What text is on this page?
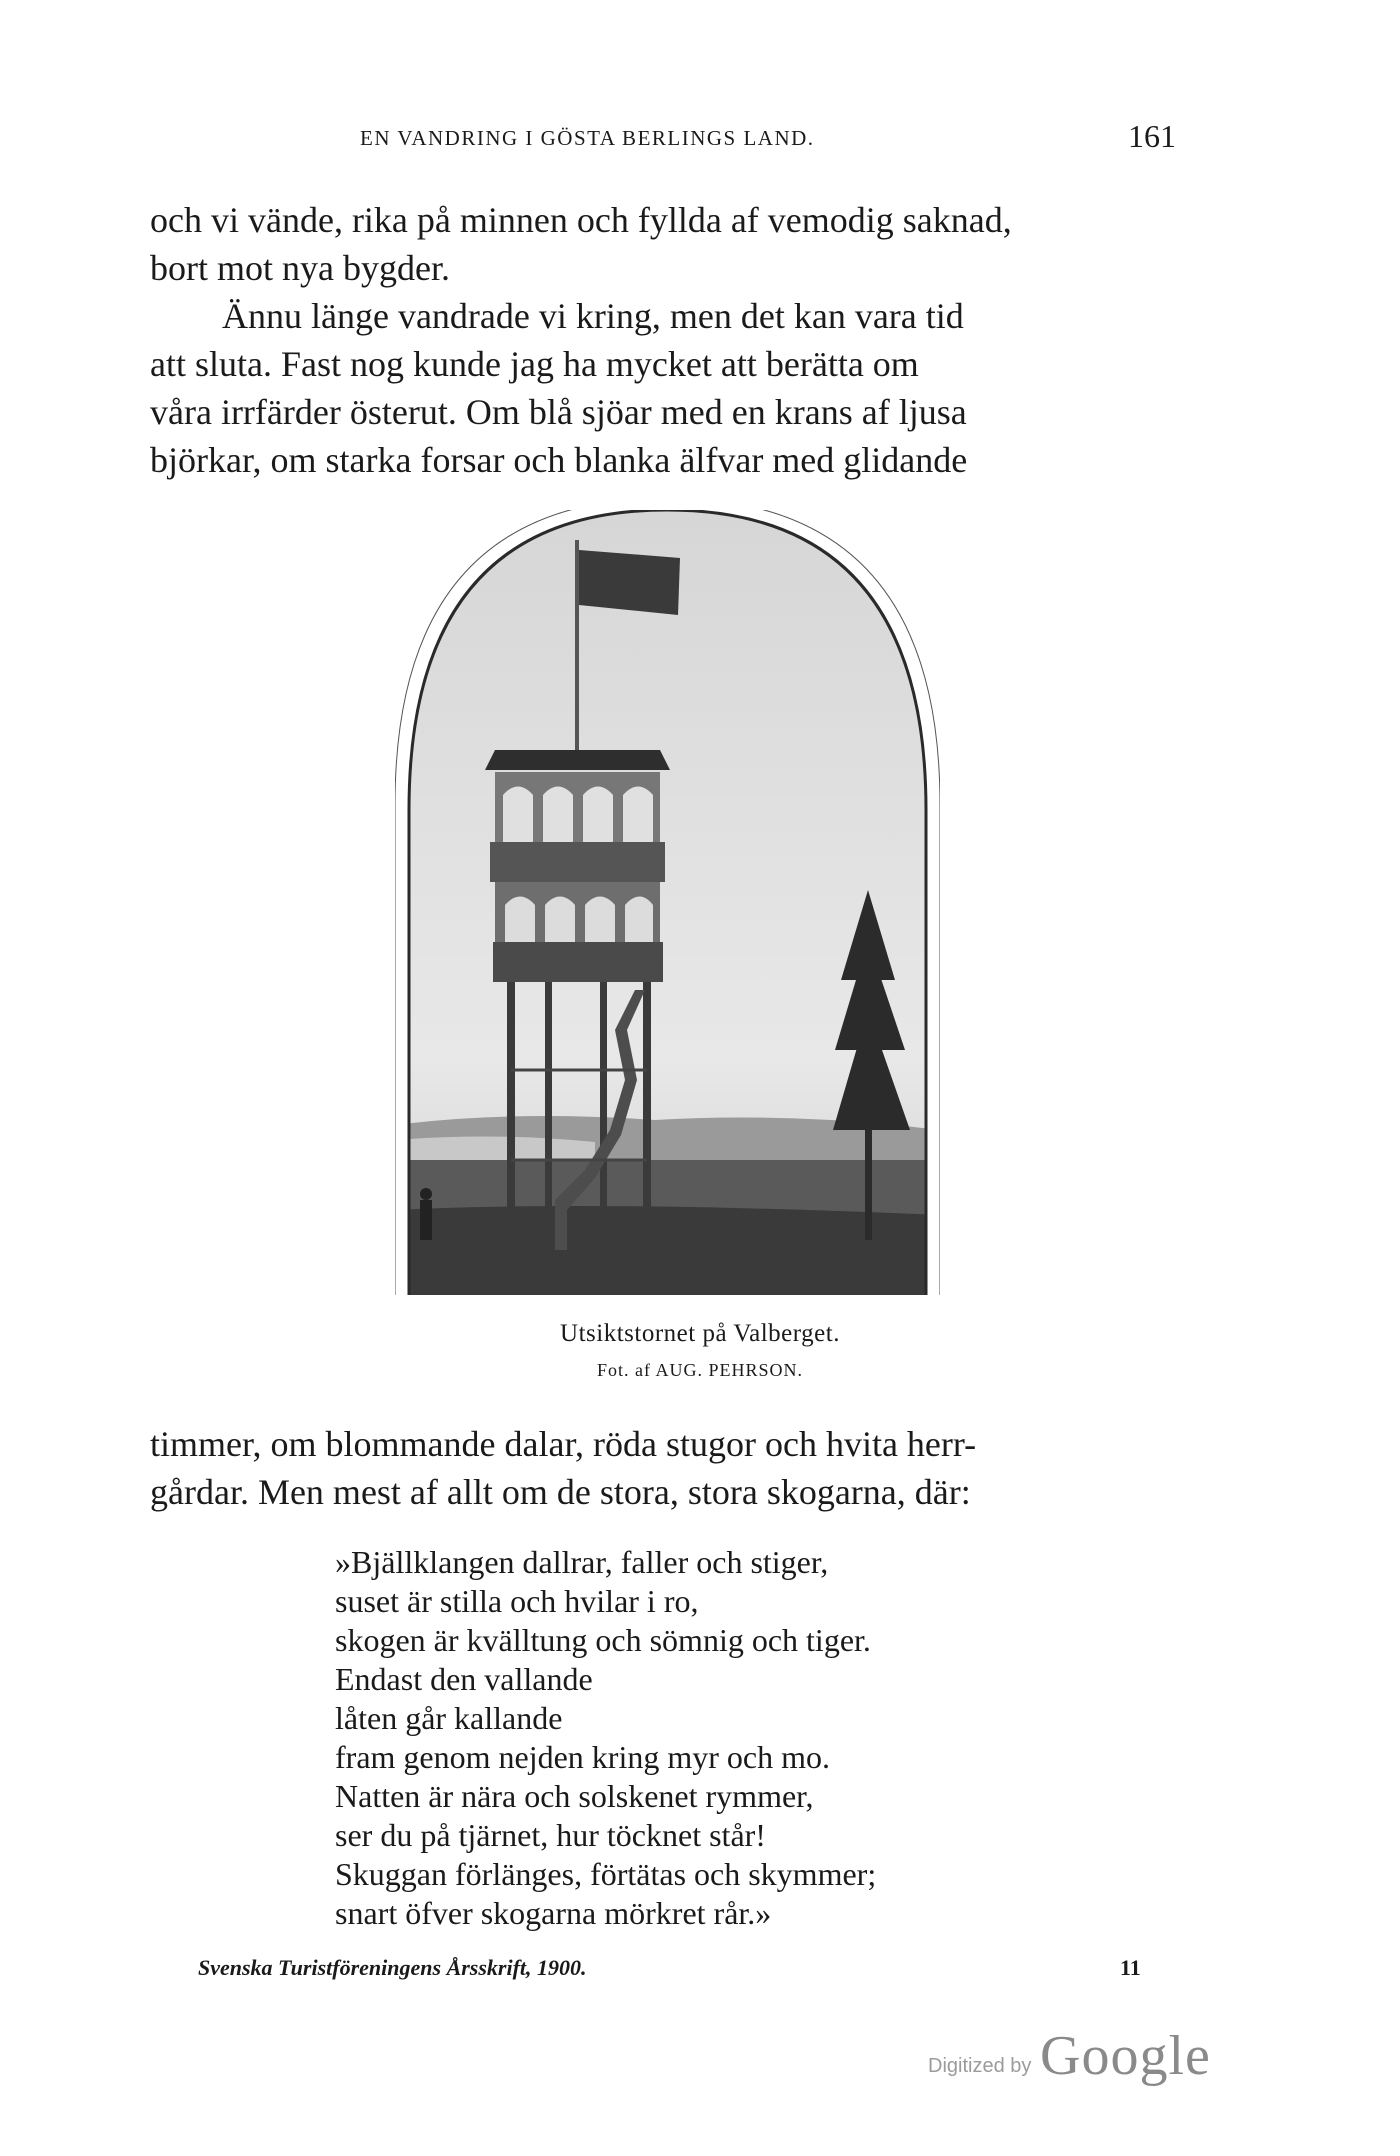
EN VANDRING I GÖSTA BERLINGS LAND.	161

och vi vände, rika på minnen och fyllda af vemodig saknad,
bort mot nya bygder.

Ännu länge vandrade vi kring, men det kan vara tid
att sluta. Fast nog kunde jag ha mycket att berätta om
våra irrfärder österut. Om blå sjöar med en krans af ljusa
björkar, om starka forsar och blanka älfvar med glidande

Utsiktstornet på Valberget.
Fot. af AUG. PEHRSON.

timmer, om blommande dalar, röda stugor och hvita herr-
gårdar. Men mest af allt om de stora, stora skogarna, där:

»Bjällklangen dallrar, faller och stiger,
suset är stilla och hvilar i ro,
skogen är kvälltung och sömnig och tiger.
Endast den vallande
låten går kallande
fram genom nejden kring myr och mo.
Natten är nära och solskenet rymmer,
ser du på tjärnet, hur töcknet står!
Skuggan förlänges, förtätas och skymmer;
snart öfver skogarna mörkret rår.»
Svenska Turistföreningens Årsskrift, 1900.	11
Digitized by Google
